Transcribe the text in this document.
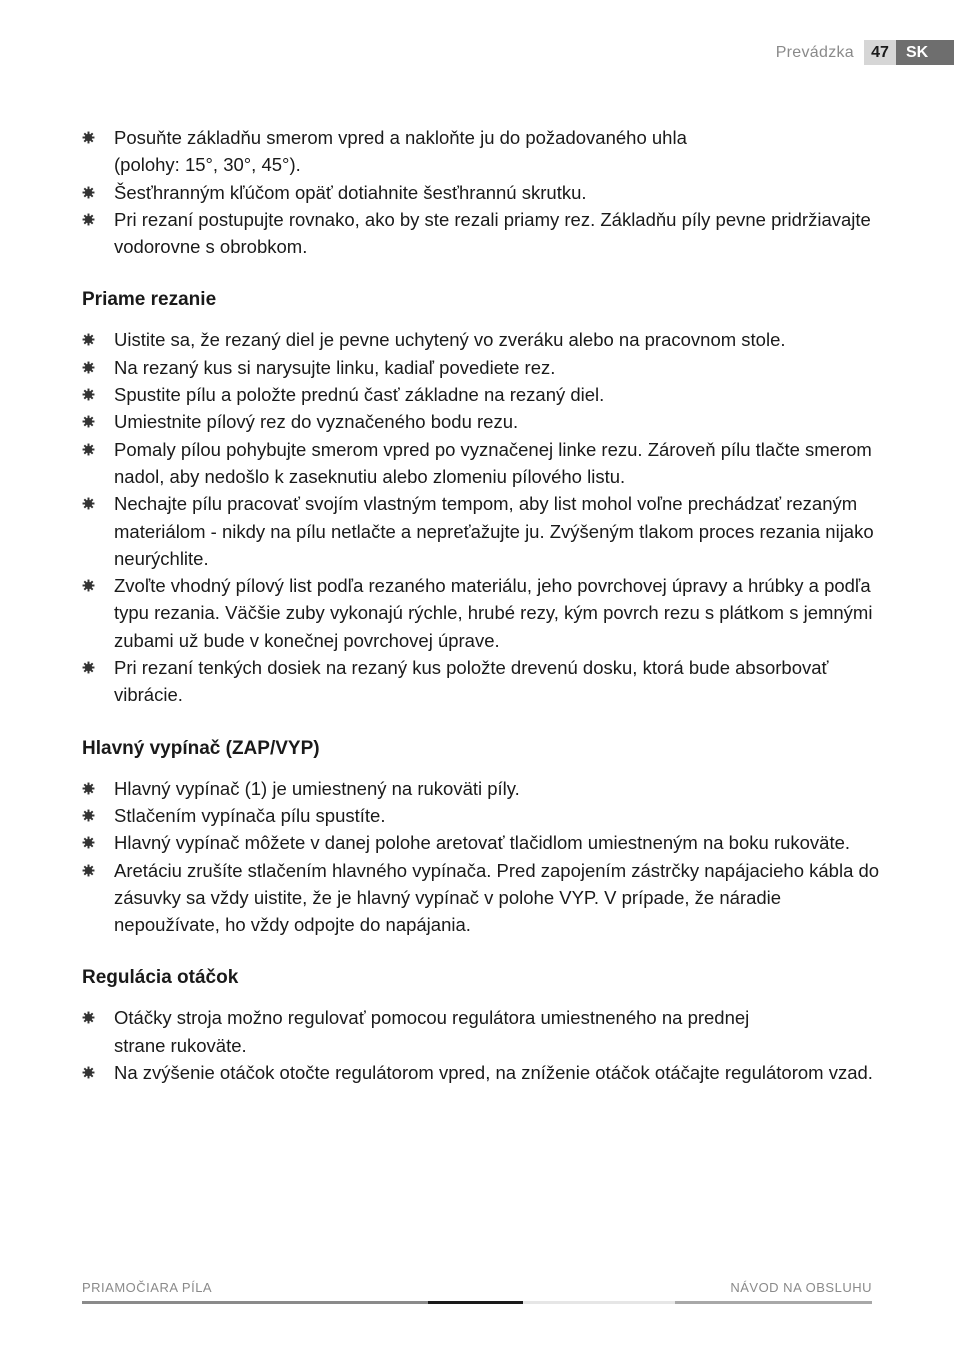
Prevádzka	47	SK
Posuňte základňu smerom vpred a nakloňte ju do požadovaného uhla
(polohy: 15°, 30°, 45°).
Šesťhranným kľúčom opäť dotiahnite šesťhrannú skrutku.
Pri rezaní postupujte rovnako, ako by ste rezali priamy rez. Základňu píly pevne pridržiavajte vodorovne s obrobkom.
Priame rezanie
Uistite sa, že rezaný diel je pevne uchytený vo zveráku alebo na pracovnom stole.
Na rezaný kus si narysujte linku, kadiaľ povediete rez.
Spustite pílu a položte prednú časť základne na rezaný diel.
Umiestnite pílový rez do vyznačeného bodu rezu.
Pomaly pílou pohybujte smerom vpred po vyznačenej linke rezu. Zároveň pílu tlačte smerom nadol, aby nedošlo k zaseknutiu alebo zlomeniu pílového listu.
Nechajte pílu pracovať svojím vlastným tempom, aby list mohol voľne prechádzať rezaným materiálom - nikdy na pílu netlačte a nepreťažujte ju. Zvýšeným tlakom proces rezania nijako neurýchlite.
Zvoľte vhodný pílový list podľa rezaného materiálu, jeho povrchovej úpravy a hrúbky a podľa typu rezania. Väčšie zuby vykonajú rýchle, hrubé rezy, kým povrch rezu s plátkom s jemnými zubami už bude v konečnej povrchovej úprave.
Pri rezaní tenkých dosiek na rezaný kus položte drevenú dosku, ktorá bude absorbovať vibrácie.
Hlavný vypínač (ZAP/VYP)
Hlavný vypínač (1) je umiestnený na rukoväti píly.
Stlačením vypínača pílu spustíte.
Hlavný vypínač môžete v danej polohe aretovať tlačidlom umiestneným na boku rukoväte.
Aretáciu zrušíte stlačením hlavného vypínača. Pred zapojením zástrčky napájacieho kábla do zásuvky sa vždy uistite, že je hlavný vypínač v polohe VYP. V prípade, že náradie nepoužívate, ho vždy odpojte do napájania.
Regulácia otáčok
Otáčky stroja možno regulovať pomocou regulátora umiestneného na prednej
strane rukoväte.
Na zvýšenie otáčok otočte regulátorom vpred, na zníženie otáčok otáčajte regulátorom vzad.
PRIAMOČIARA PÍLA	NÁVOD NA OBSLUHU
